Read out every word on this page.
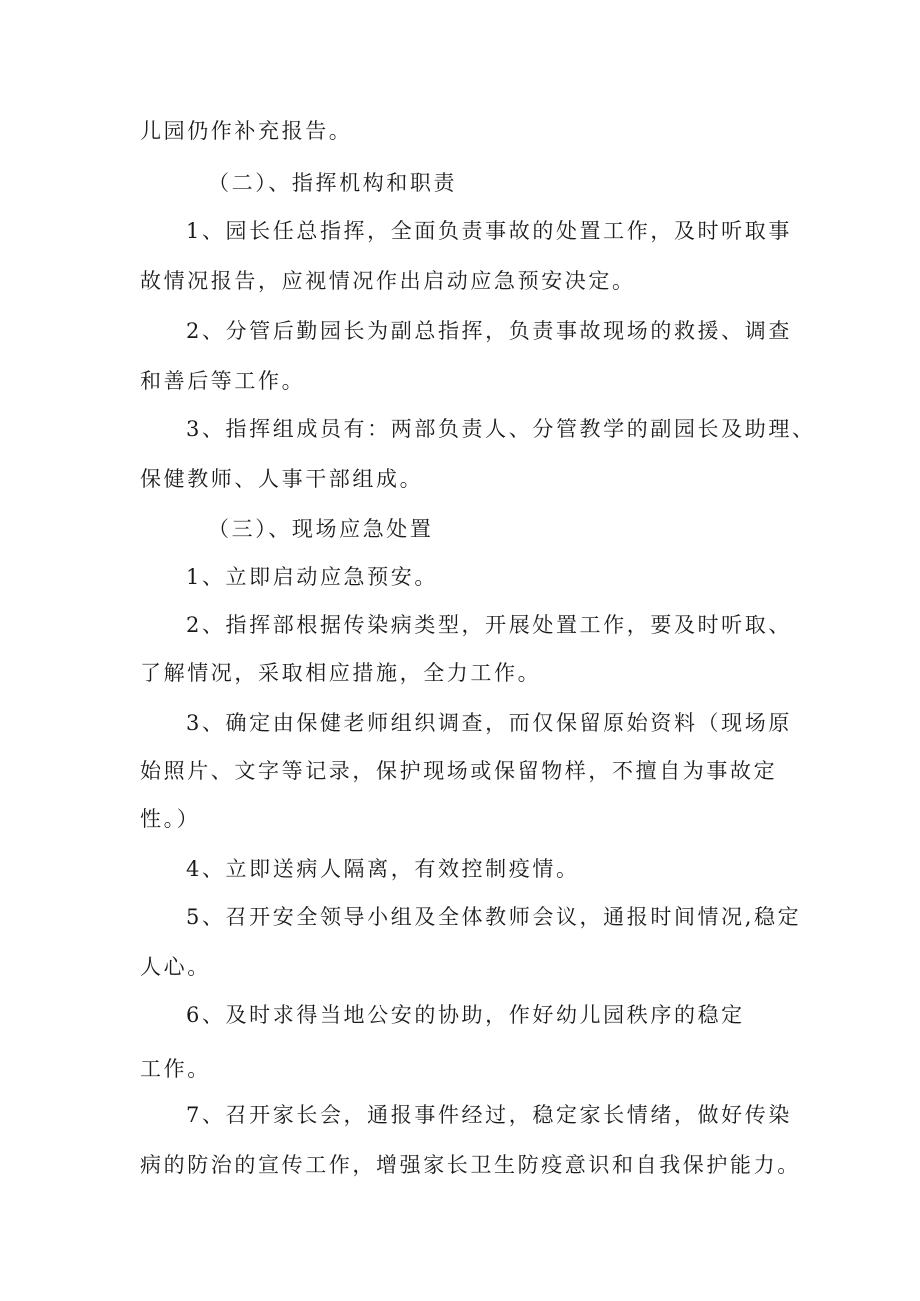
儿园仍作补充报告。
（二）、指挥机构和职责
1、园长任总指挥，全面负责事故的处置工作，及时听取事
故情况报告，应视情况作出启动应急预安决定。
2、分管后勤园长为副总指挥，负责事故现场的救援、调查
和善后等工作。
3、指挥组成员有：两部负责人、分管教学的副园长及助理、
保健教师、人事干部组成。
（三）、现场应急处置
1、立即启动应急预安。
2、指挥部根据传染病类型，开展处置工作，要及时听取、
了解情况，采取相应措施，全力工作。
3、确定由保健老师组织调查，而仅保留原始资料（现场原
始照片、文字等记录，保护现场或保留物样，不擅自为事故定
性。）
4、立即送病人隔离，有效控制疫情。
5、召开安全领导小组及全体教师会议，通报时间情况,稳定
人心。
6、及时求得当地公安的协助，作好幼儿园秩序的稳定
工作。
7、召开家长会，通报事件经过，稳定家长情绪，做好传染
病的防治的宣传工作，增强家长卫生防疫意识和自我保护能力。
